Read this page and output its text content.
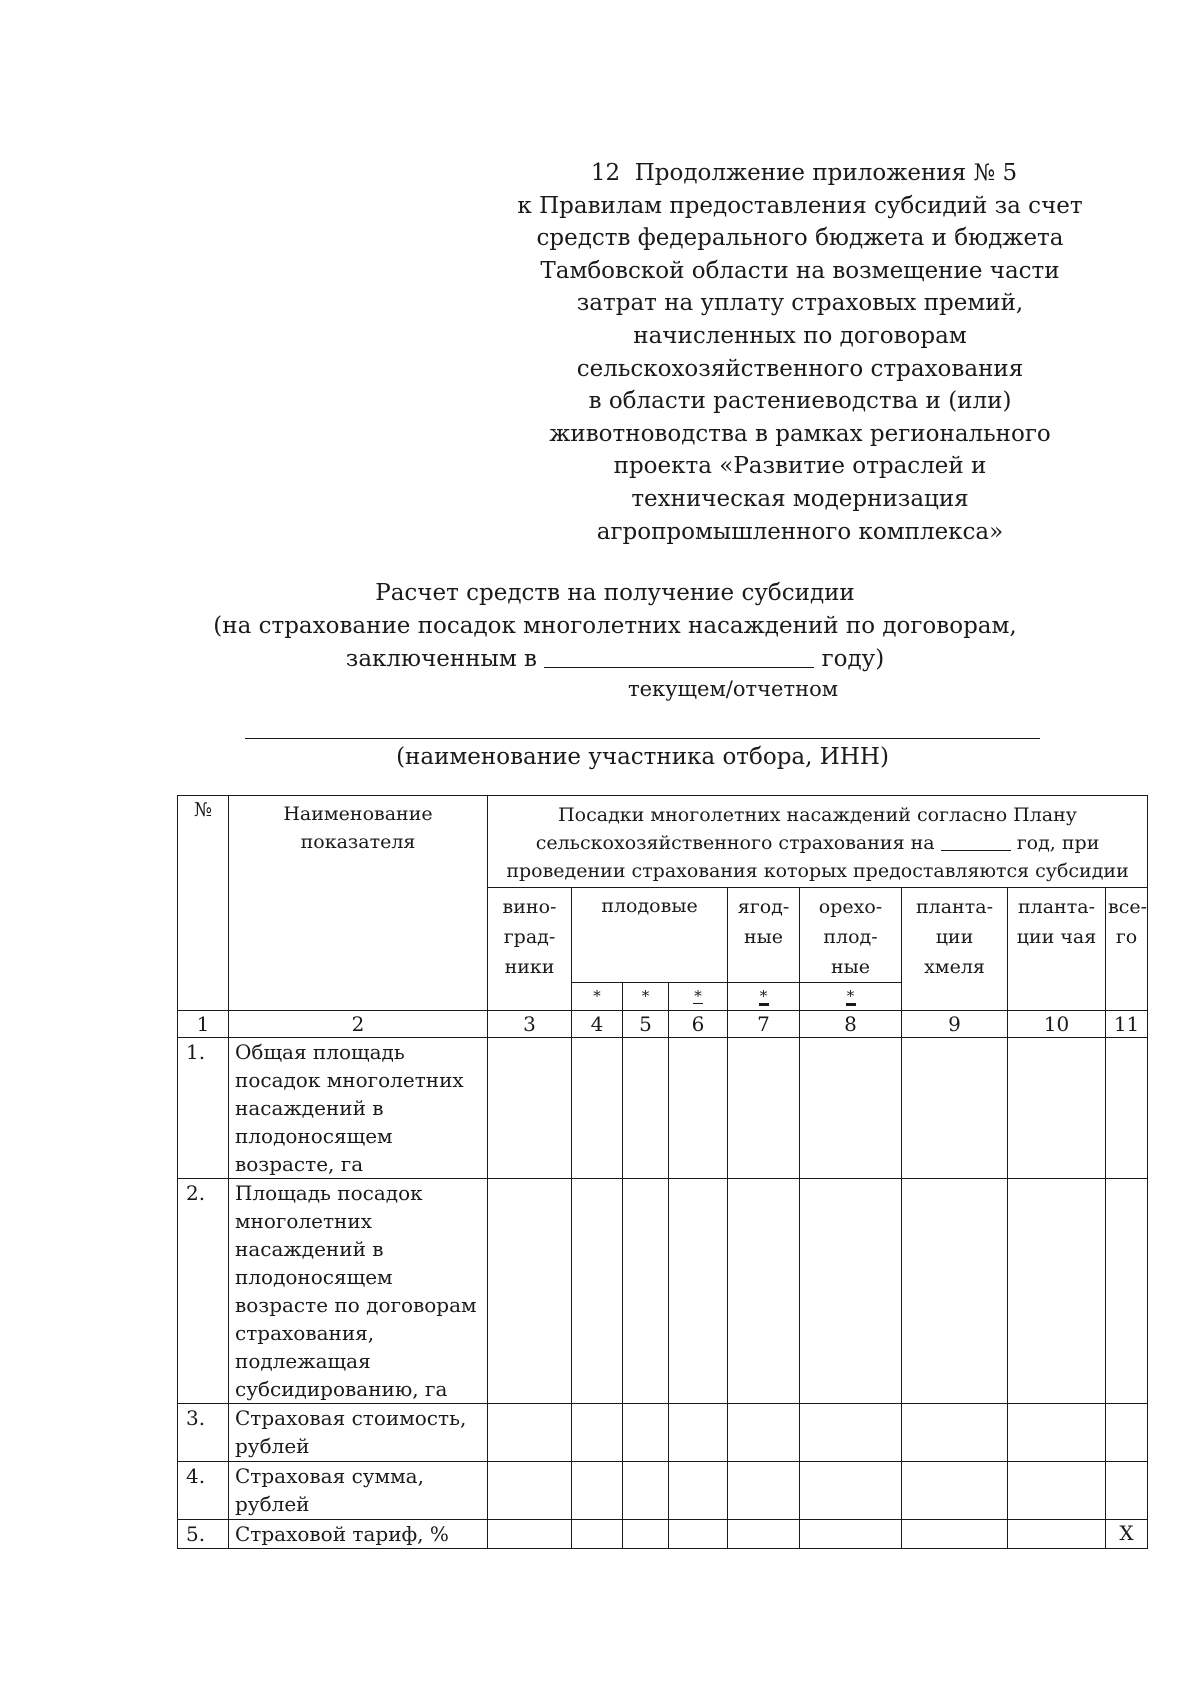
12 Продолжение приложения № 5
к Правилам предоставления субсидий за счет
средств федерального бюджета и бюджета
Тамбовской области на возмещение части
затрат на уплату страховых премий,
начисленных по договорам
сельскохозяйственного страхования
в области растениеводства и (или)
животноводства в рамках регионального
проекта «Развитие отраслей и
техническая модернизация
агропромышленного комплекса»
Расчет средств на получение субсидии
(на страхование посадок многолетних насаждений по договорам,
заключенным в	году)
текущем/отчетном
(наименование участника отбора, ИНН)
№	Наименование показателя	Посадки многолетних насаждений согласно Плану сельскохозяйственного страхования на год, при проведении страхования которых предоставляются субсидии								
		вино-град-ники	плодовые			ягод-ные	орехо-плод-ные	планта-ции хмеля	планта-ции чая	все-го
			*	*	*	*	*			

1	2	3	4	5	6	7	8	9	10	11
1.	Общая площадь посадок многолетних насаждений в плодоносящем возрасте, га									
2.	Площадь посадок многолетних насаждений в плодоносящем возрасте по договорам страхования, подлежащая субсидированию, га									
3.	Страховая стоимость, рублей									
4.	Страховая сумма, рублей									
5.	Страховой тариф, %									Х
